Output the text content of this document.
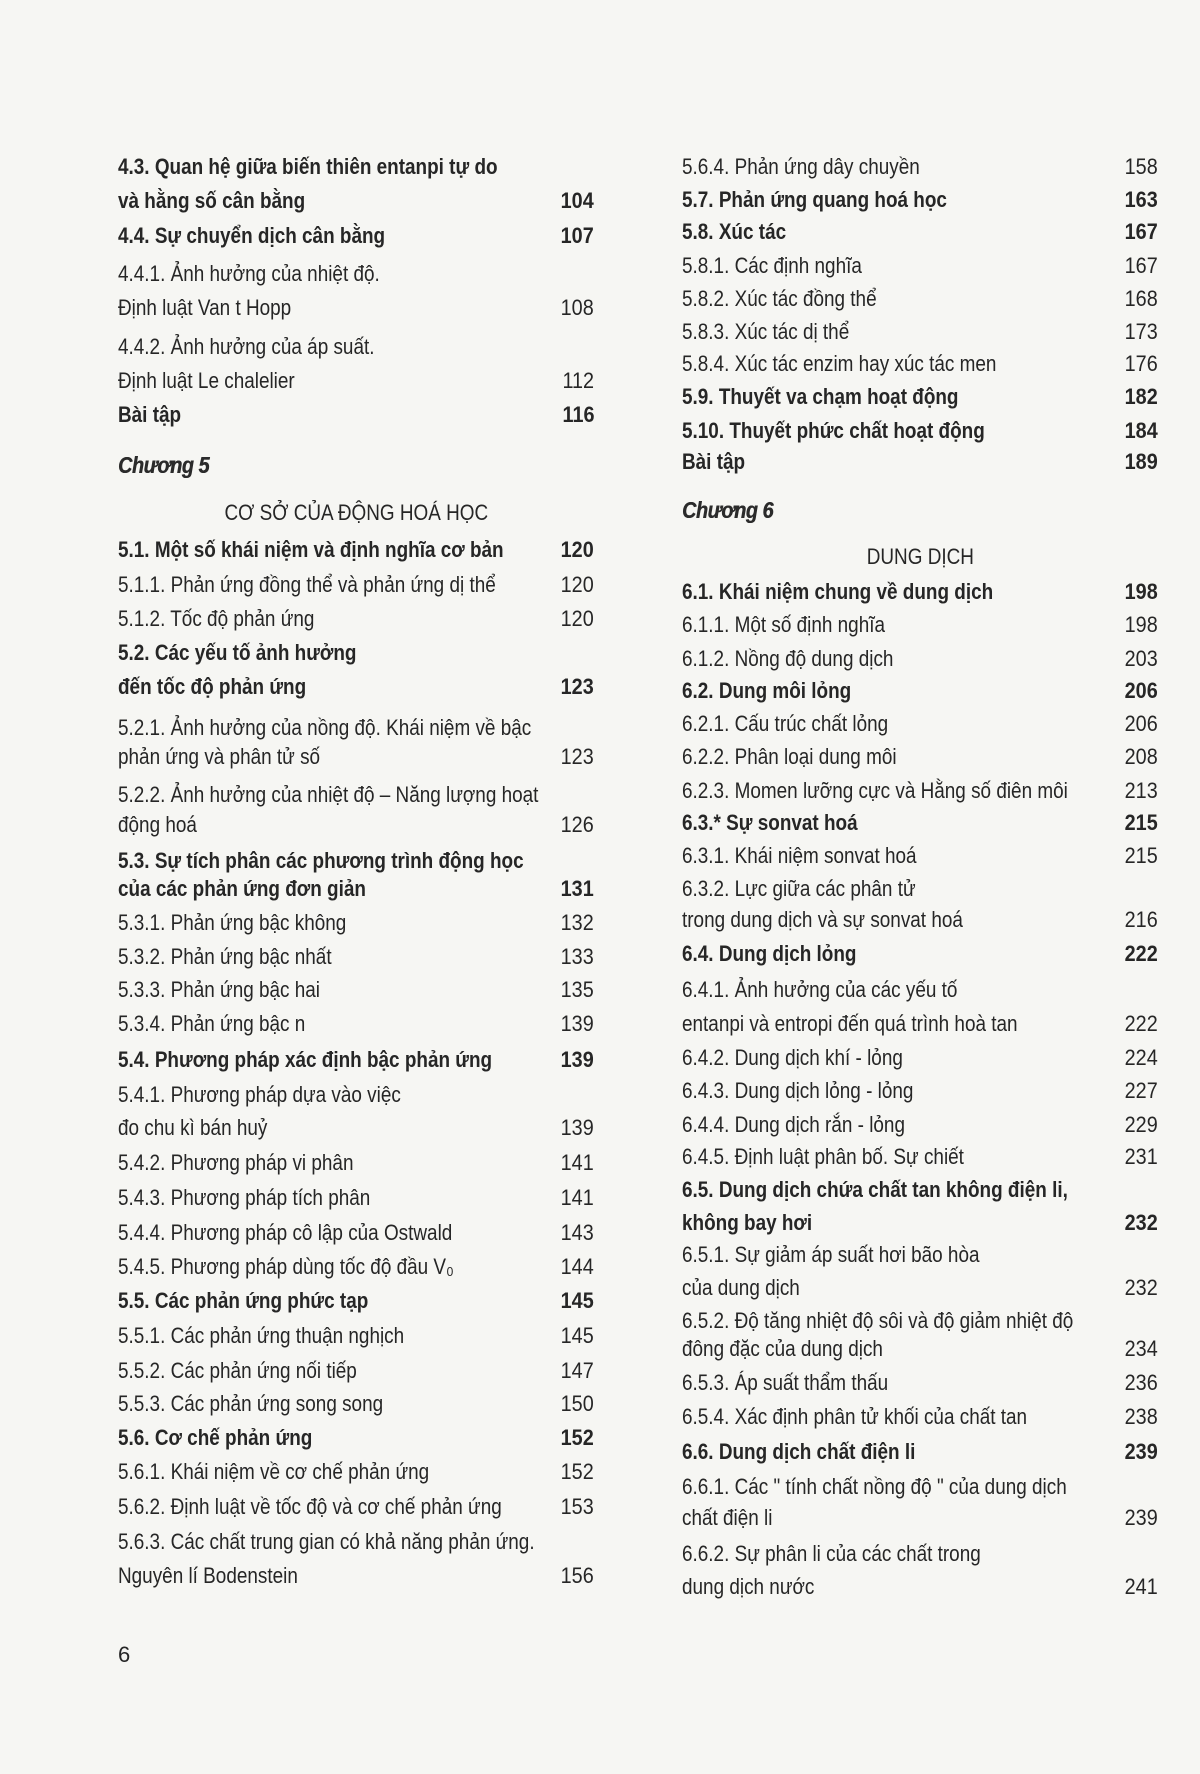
4.3. Quan hệ giữa biến thiên entanpi tự do
và hằng số cân bằng	104
4.4. Sự chuyển dịch cân bằng	107
4.4.1. Ảnh hưởng của nhiệt độ.
Định luật Van t Hopp	108
4.4.2. Ảnh hưởng của áp suất.
Định luật Le chalelier	112
Bài tập	116
Chương 5
CƠ SỞ CỦA ĐỘNG HOÁ HỌC
5.1. Một số khái niệm và định nghĩa cơ bản	120
5.1.1. Phản ứng đồng thể và phản ứng dị thể	120
5.1.2. Tốc độ phản ứng	120
5.2. Các yếu tố ảnh hưởng
đến tốc độ phản ứng	123
5.2.1. Ảnh hưởng của nồng độ. Khái niệm về bậc
phản ứng và phân tử số	123
5.2.2. Ảnh hưởng của nhiệt độ – Năng lượng hoạt
động hoá	126
5.3. Sự tích phân các phương trình động học
của các phản ứng đơn giản	131
5.3.1. Phản ứng bậc không	132
5.3.2. Phản ứng bậc nhất	133
5.3.3. Phản ứng bậc hai	135
5.3.4. Phản ứng bậc n	139
5.4. Phương pháp xác định bậc phản ứng	139
5.4.1. Phương pháp dựa vào việc
đo chu kì bán huỷ	139
5.4.2. Phương pháp vi phân	141
5.4.3. Phương pháp tích phân	141
5.4.4. Phương pháp cô lập của Ostwald	143
5.4.5. Phương pháp dùng tốc độ đầu V₀	144
5.5. Các phản ứng phức tạp	145
5.5.1. Các phản ứng thuận nghịch	145
5.5.2. Các phản ứng nối tiếp	147
5.5.3. Các phản ứng song song	150
5.6. Cơ chế phản ứng	152
5.6.1. Khái niệm về cơ chế phản ứng	152
5.6.2. Định luật về tốc độ và cơ chế phản ứng	153
5.6.3. Các chất trung gian có khả năng phản ứng.
Nguyên lí Bodenstein	156
5.6.4. Phản ứng dây chuyền	158
5.7. Phản ứng quang hoá học	163
5.8. Xúc tác	167
5.8.1. Các định nghĩa	167
5.8.2. Xúc tác đồng thể	168
5.8.3. Xúc tác dị thể	173
5.8.4. Xúc tác enzim hay xúc tác men	176
5.9. Thuyết va chạm hoạt động	182
5.10. Thuyết phức chất hoạt động	184
Bài tập	189
Chương 6
DUNG DỊCH
6.1. Khái niệm chung về dung dịch	198
6.1.1. Một số định nghĩa	198
6.1.2. Nồng độ dung dịch	203
6.2. Dung môi lỏng	206
6.2.1. Cấu trúc chất lỏng	206
6.2.2. Phân loại dung môi	208
6.2.3. Momen lưỡng cực và Hằng số điên môi	213
6.3.* Sự sonvat hoá	215
6.3.1. Khái niệm sonvat hoá	215
6.3.2. Lực giữa các phân tử
trong dung dịch và sự sonvat hoá	216
6.4. Dung dịch lỏng	222
6.4.1. Ảnh hưởng của các yếu tố
entanpi và entropi đến quá trình hoà tan	222
6.4.2. Dung dịch khí - lỏng	224
6.4.3. Dung dịch lỏng - lỏng	227
6.4.4. Dung dịch rắn - lỏng	229
6.4.5. Định luật phân bố. Sự chiết	231
6.5. Dung dịch chứa chất tan không điện li,
không bay hơi	232
6.5.1. Sự giảm áp suất hơi bão hòa
của dung dịch	232
6.5.2. Độ tăng nhiệt độ sôi và độ giảm nhiệt độ
đông đặc của dung dịch	234
6.5.3. Áp suất thẩm thấu	236
6.5.4. Xác định phân tử khối của chất tan	238
6.6. Dung dịch chất điện li	239
6.6.1. Các " tính chất nồng độ " của dung dịch
chất điện li	239
6.6.2. Sự phân li của các chất trong
dung dịch nước	241
6
